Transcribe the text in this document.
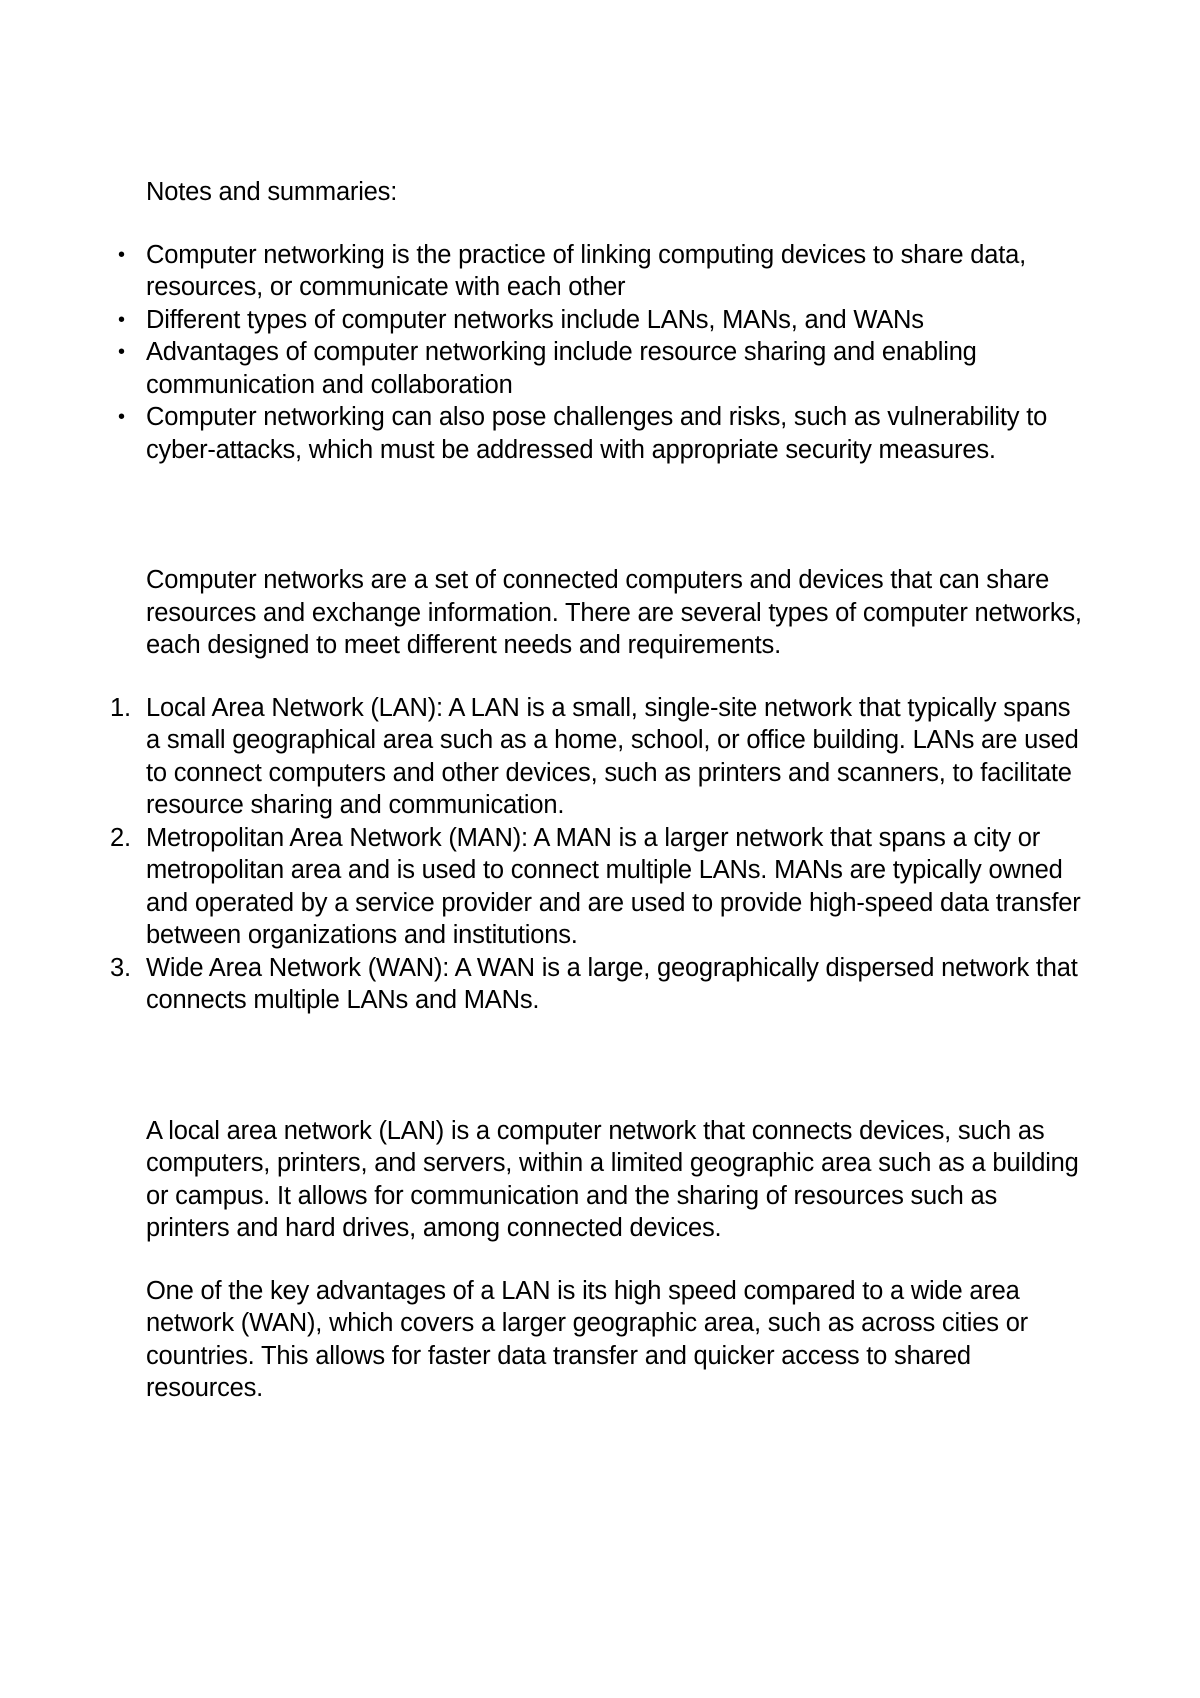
Notes and summaries:

• Computer networking is the practice of linking computing devices to share data, resources, or communicate with each other
• Different types of computer networks include LANs, MANs, and WANs
• Advantages of computer networking include resource sharing and enabling communication and collaboration
• Computer networking can also pose challenges and risks, such as vulnerability to cyber-attacks, which must be addressed with appropriate security measures.

Computer networks are a set of connected computers and devices that can share resources and exchange information. There are several types of computer networks, each designed to meet different needs and requirements.

1. Local Area Network (LAN): A LAN is a small, single-site network that typically spans a small geographical area such as a home, school, or office building. LANs are used to connect computers and other devices, such as printers and scanners, to facilitate resource sharing and communication.
2. Metropolitan Area Network (MAN): A MAN is a larger network that spans a city or metropolitan area and is used to connect multiple LANs. MANs are typically owned and operated by a service provider and are used to provide high-speed data transfer between organizations and institutions.
3. Wide Area Network (WAN): A WAN is a large, geographically dispersed network that connects multiple LANs and MANs.

A local area network (LAN) is a computer network that connects devices, such as computers, printers, and servers, within a limited geographic area such as a building or campus. It allows for communication and the sharing of resources such as printers and hard drives, among connected devices.

One of the key advantages of a LAN is its high speed compared to a wide area network (WAN), which covers a larger geographic area, such as across cities or countries. This allows for faster data transfer and quicker access to shared resources.
